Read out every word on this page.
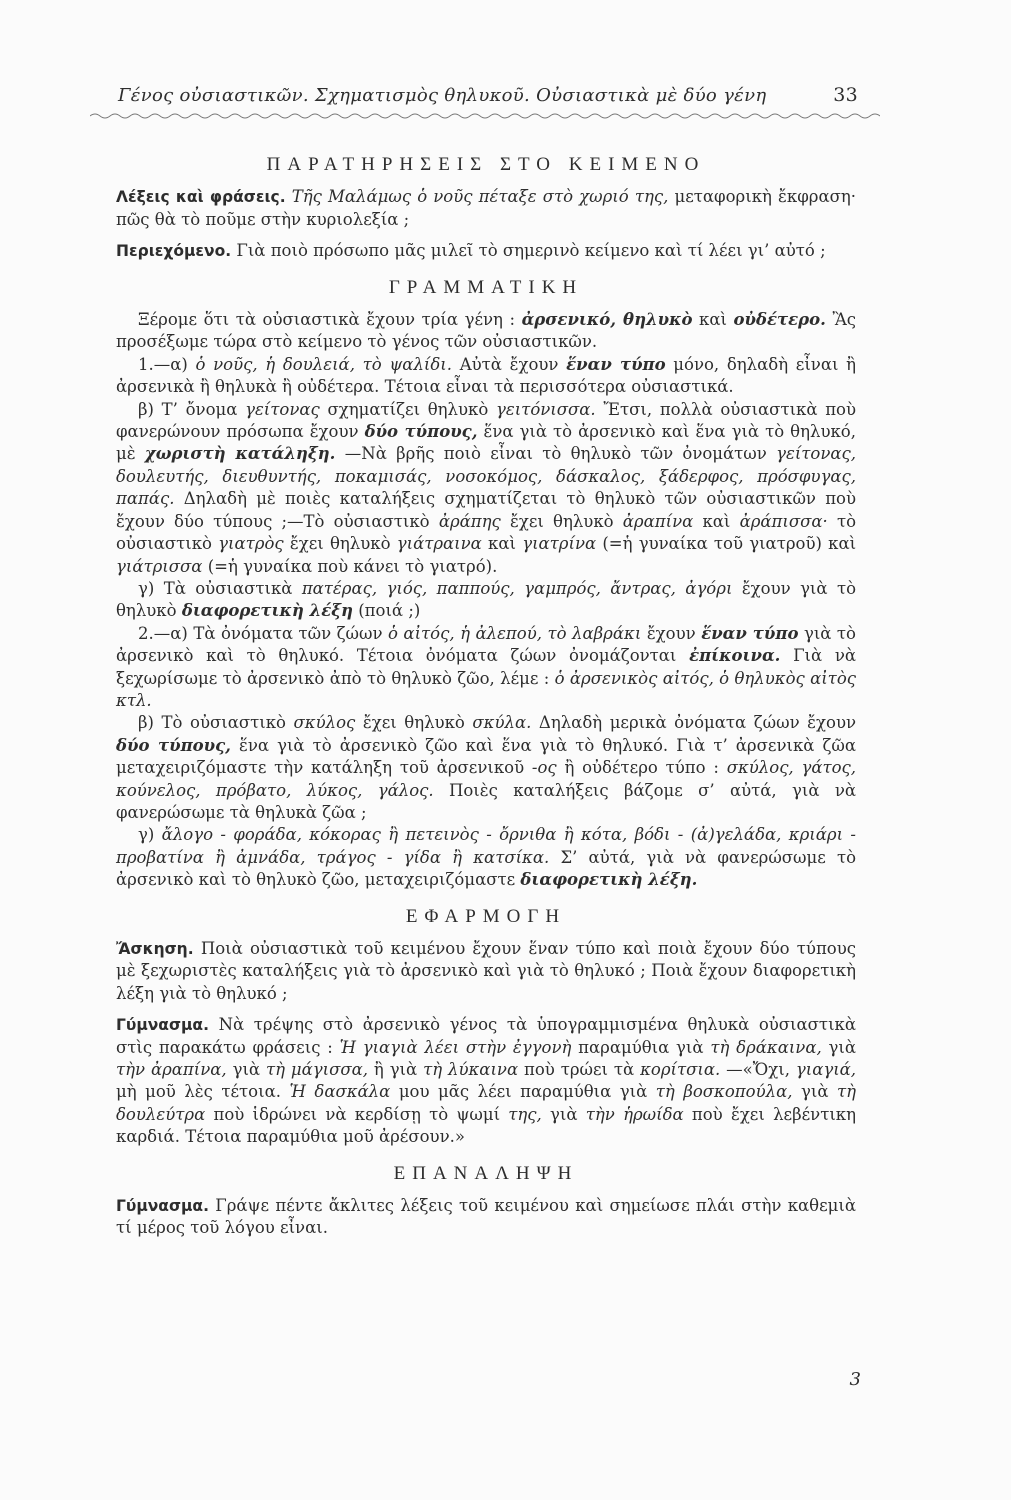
Γένος οὐσιαστικῶν. Σχηματισμὸς θηλυκοῦ. Οὐσιαστικὰ μὲ δύο γένη	33
ΠΑΡΑΤΗΡΗΣΕΙΣ ΣΤΟ ΚΕΙΜΕΝΟ

Λέξεις καὶ φράσεις. Τῆς Μαλάμως ὁ νοῦς πέταξε στὸ χωριό της, μεταφορικὴ ἔκφραση· πῶς θὰ τὸ ποῦμε στὴν κυριολεξία ;

Περιεχόμενο. Γιὰ ποιὸ πρόσωπο μᾶς μιλεῖ τὸ σημερινὸ κείμενο καὶ τί λέει γι’ αὐτό ;

ΓΡΑΜΜΑΤΙΚΗ

Ξέρομε ὅτι τὰ οὐσιαστικὰ ἔχουν τρία γένη : ἀρσενικό, θηλυκὸ καὶ οὐδέτερο. Ἂς προσέξωμε τώρα στὸ κείμενο τὸ γένος τῶν οὐσιαστικῶν.

1.—α) ὁ νοῦς, ἡ δουλειά, τὸ ψαλίδι. Αὐτὰ ἔχουν ἕναν τύπο μόνο, δηλαδὴ εἶναι ἢ ἀρσενικὰ ἢ θηλυκὰ ἢ οὐδέτερα. Τέτοια εἶναι τὰ περισσότερα οὐσιαστικά.

β) Τ’ ὄνομα γείτονας σχηματίζει θηλυκὸ γειτόνισσα. Ἔτσι, πολλὰ οὐσιαστικὰ ποὺ φανερώνουν πρόσωπα ἔχουν δύο τύπους, ἕνα γιὰ τὸ ἀρσενικὸ καὶ ἕνα γιὰ τὸ θηλυκό, μὲ χωριστὴ κατάληξη. —Νὰ βρῆς ποιὸ εἶναι τὸ θηλυκὸ τῶν ὀνομάτων γείτονας, δουλευτής, διευθυντής, ποκαμισάς, νοσοκόμος, δάσκαλος, ξάδερφος, πρόσφυγας, παπάς. Δηλαδὴ μὲ ποιὲς καταλήξεις σχηματίζεται τὸ θηλυκὸ τῶν οὐσιαστικῶν ποὺ ἔχουν δύο τύπους ;—Τὸ οὐσιαστικὸ ἀράπης ἔχει θηλυκὸ ἀραπίνα καὶ ἀράπισσα· τὸ οὐσιαστικὸ γιατρὸς ἔχει θηλυκὸ γιάτραινα καὶ γιατρίνα (=ἡ γυναίκα τοῦ γιατροῦ) καὶ γιάτρισσα (=ἡ γυναίκα ποὺ κάνει τὸ γιατρό).

γ) Τὰ οὐσιαστικὰ πατέρας, γιός, παππούς, γαμπρός, ἄντρας, ἀγόρι ἔχουν γιὰ τὸ θηλυκὸ διαφορετικὴ λέξη (ποιά ;)

2.—α) Τὰ ὀνόματα τῶν ζώων ὁ αἰτός, ἡ ἀλεπού, τὸ λαβράκι ἔχουν ἕναν τύπο γιὰ τὸ ἀρσενικὸ καὶ τὸ θηλυκό. Τέτοια ὀνόματα ζώων ὀνομάζονται ἐπίκοινα. Γιὰ νὰ ξεχωρίσωμε τὸ ἀρσενικὸ ἀπὸ τὸ θηλυκὸ ζῶο, λέμε : ὁ ἀρσενικὸς αἰτός, ὁ θηλυκὸς αἰτὸς κτλ.

β) Τὸ οὐσιαστικὸ σκύλος ἔχει θηλυκὸ σκύλα. Δηλαδὴ μερικὰ ὀνόματα ζώων ἔχουν δύο τύπους, ἕνα γιὰ τὸ ἀρσενικὸ ζῶο καὶ ἕνα γιὰ τὸ θηλυκό. Γιὰ τ’ ἀρσενικὰ ζῶα μεταχειριζόμαστε τὴν κατάληξη τοῦ ἀρσενικοῦ -ος ἢ οὐδέτερο τύπο : σκύλος, γάτος, κούνελος, πρόβατο, λύκος, γάλος. Ποιὲς καταλήξεις βάζομε σ’ αὐτά, γιὰ νὰ φανερώσωμε τὰ θηλυκὰ ζῶα ;

γ) ἄλογο - φοράδα, κόκορας ἢ πετεινὸς - ὄρνιθα ἢ κότα, βόδι - (ἀ)γελάδα, κριάρι - προβατίνα ἢ ἀμνάδα, τράγος - γίδα ἢ κατσίκα. Σ’ αὐτά, γιὰ νὰ φανερώσωμε τὸ ἀρσενικὸ καὶ τὸ θηλυκὸ ζῶο, μεταχειριζόμαστε διαφορετικὴ λέξη.

ΕΦΑΡΜΟΓΗ

Ἄσκηση. Ποιὰ οὐσιαστικὰ τοῦ κειμένου ἔχουν ἕναν τύπο καὶ ποιὰ ἔχουν δύο τύπους μὲ ξεχωριστὲς καταλήξεις γιὰ τὸ ἀρσενικὸ καὶ γιὰ τὸ θηλυκό ; Ποιὰ ἔχουν διαφορετικὴ λέξη γιὰ τὸ θηλυκό ;

Γύμνασμα. Νὰ τρέψης στὸ ἀρσενικὸ γένος τὰ ὑπογραμμισμένα θηλυκὰ οὐσιαστικὰ στὶς παρακάτω φράσεις : Ἡ γιαγιὰ λέει στὴν ἐγγονὴ παραμύθια γιὰ τὴ δράκαινα, γιὰ τὴν ἀραπίνα, γιὰ τὴ μάγισσα, ἢ γιὰ τὴ λύκαινα ποὺ τρώει τὰ κορίτσια. —«Ὄχι, γιαγιά, μὴ μοῦ λὲς τέτοια. Ἡ δασκάλα μου μᾶς λέει παραμύθια γιὰ τὴ βοσκοπούλα, γιὰ τὴ δουλεύτρα ποὺ ἱδρώνει νὰ κερδίσῃ τὸ ψωμί της, γιὰ τὴν ἡρωίδα ποὺ ἔχει λεβέντικη καρδιά. Τέτοια παραμύθια μοῦ ἀρέσουν.»

ΕΠΑΝΑΛΗΨΗ

Γύμνασμα. Γράψε πέντε ἄκλιτες λέξεις τοῦ κειμένου καὶ σημείωσε πλάι στὴν καθεμιὰ τί μέρος τοῦ λόγου εἶναι.

3
